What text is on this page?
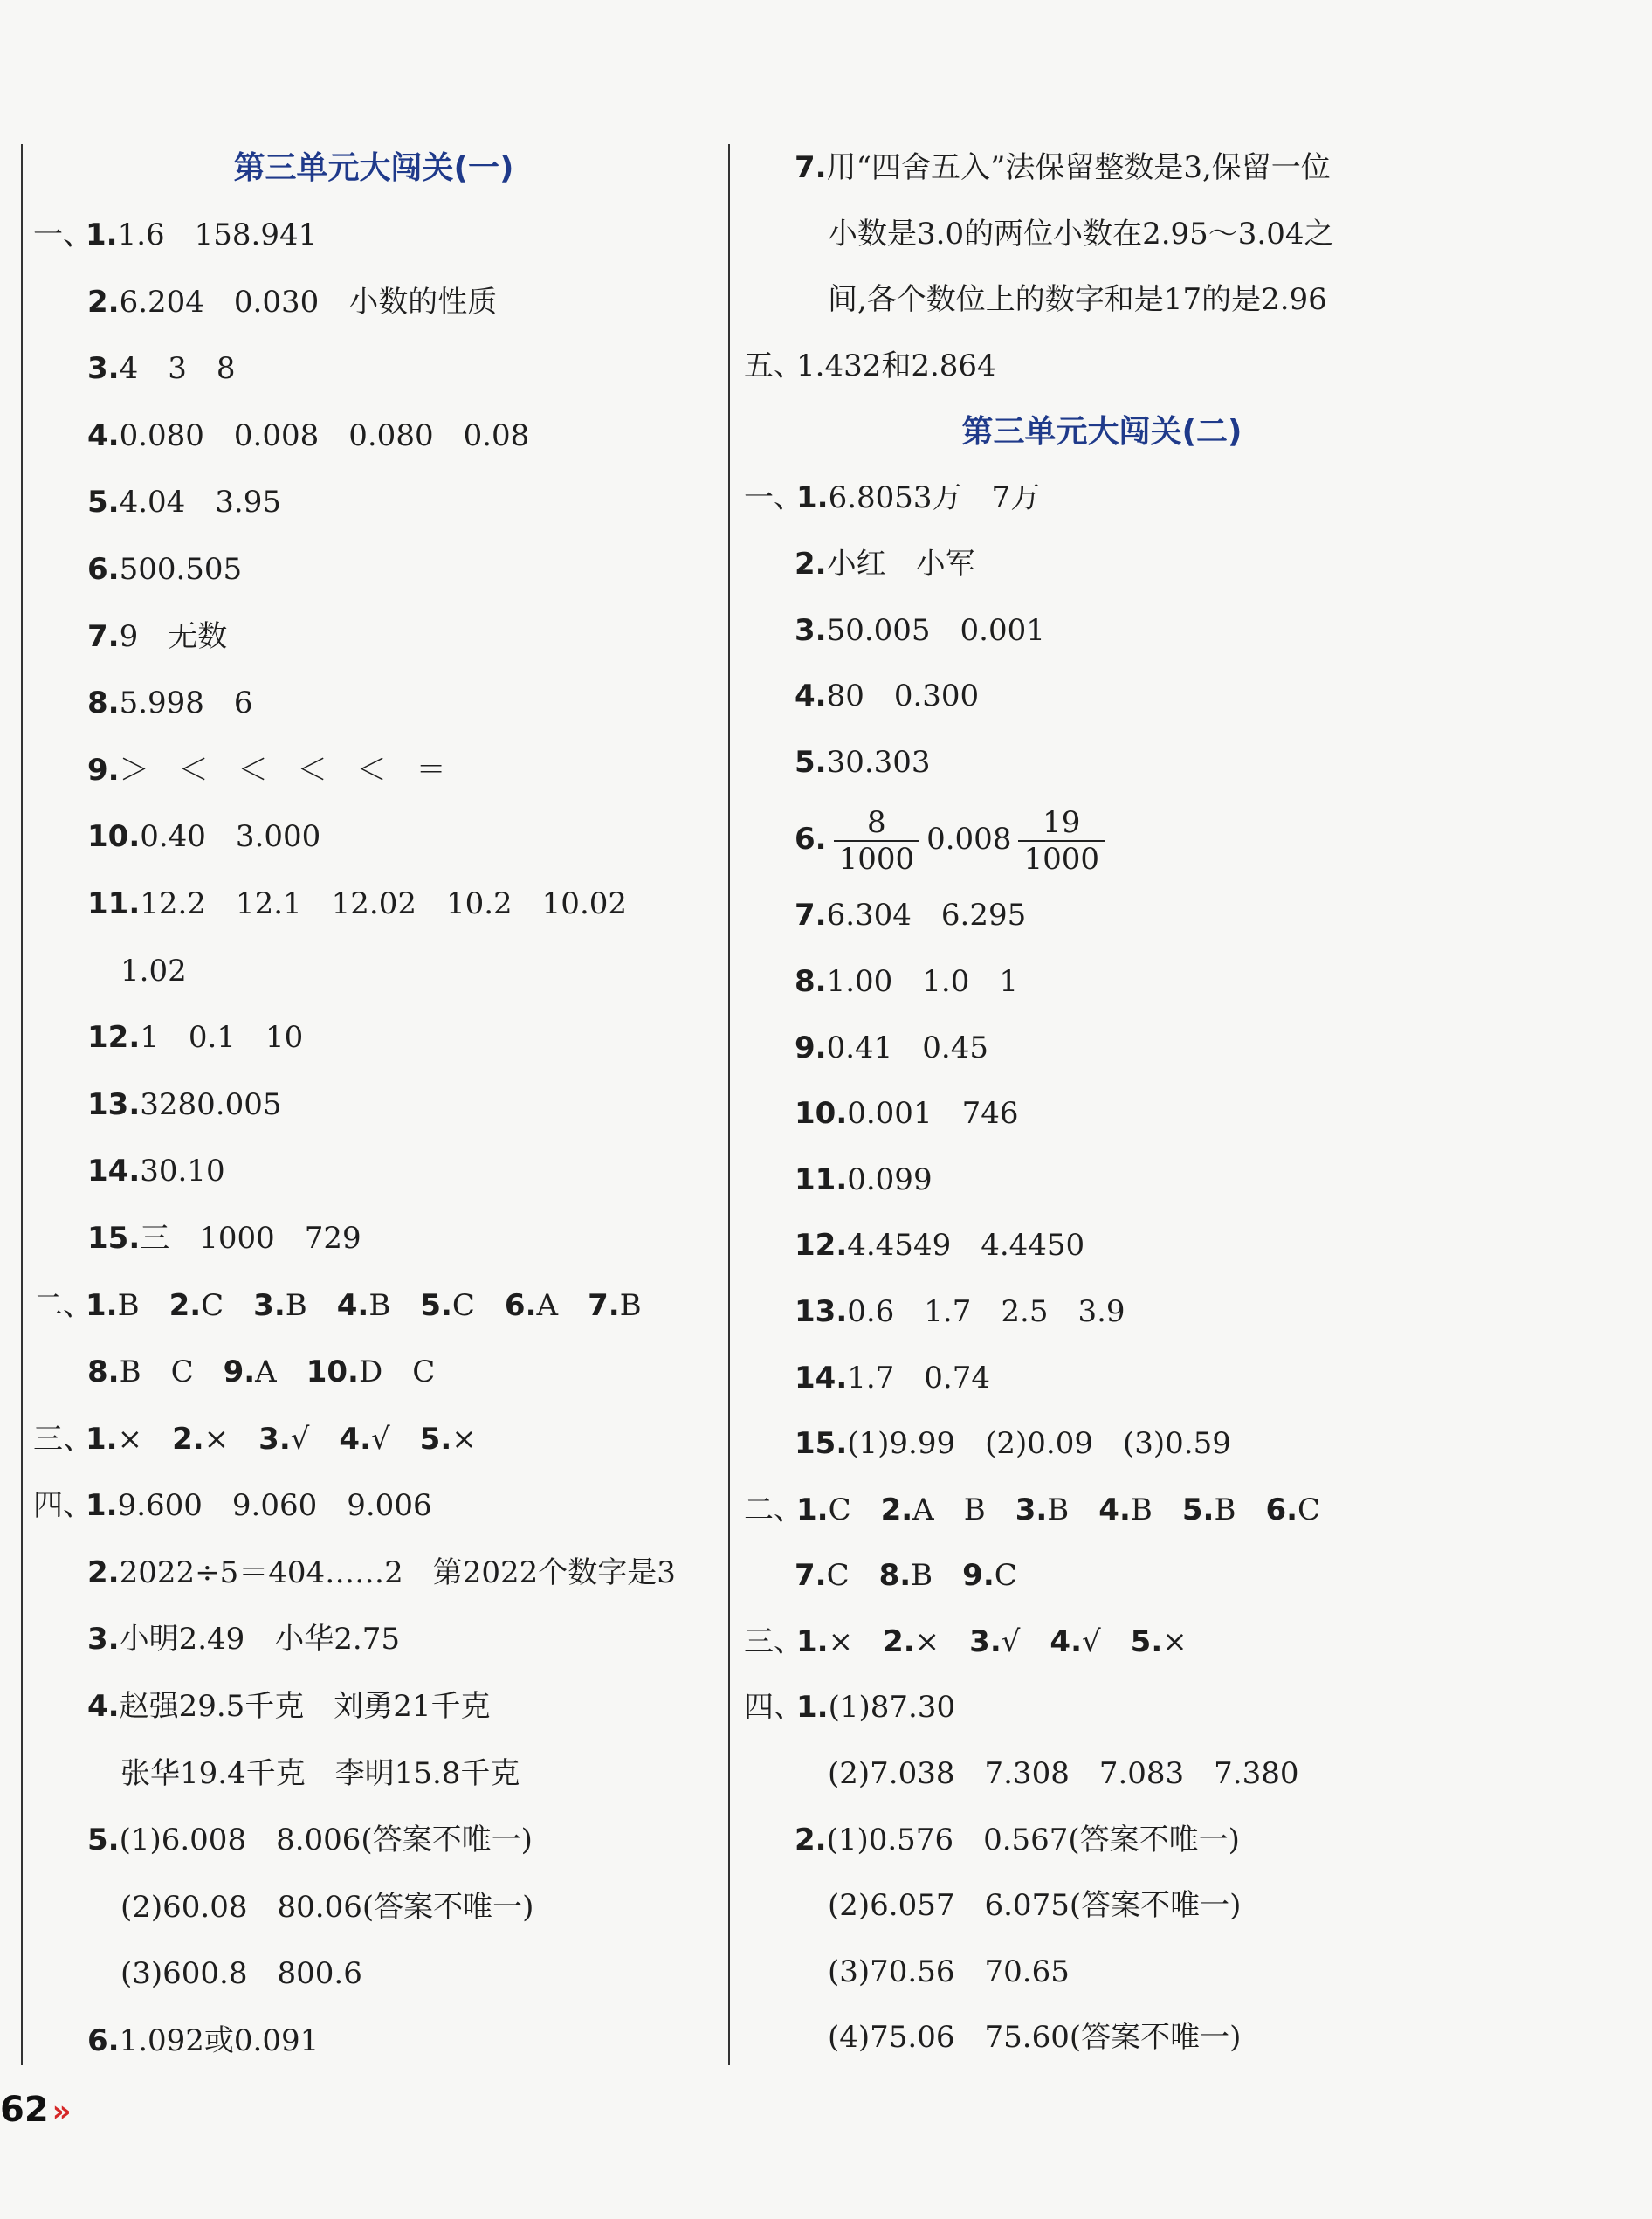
第三单元大闯关(一)
一、1.1.6　158.941
2.6.204　0.030　小数的性质
3.4　3　8
4.0.080　0.008　0.080　0.08
5.4.04　3.95
6.500.505
7.9　无数
8.5.998　6
9.＞　＜　＜　＜　＜　＝
10.0.40　3.000
11.12.2　12.1　12.02　10.2　10.02
1.02
12.1　0.1　10
13.3280.005
14.30.10
15.三　1000　729
二、1.B　 2.C　 3.B　 4.B　 5.C　 6.A　 7.B
8.B　C　 9.A　 10.D　C
三、1.×　 2.×　 3.√　 4.√　 5.×
四、1.9.600　9.060　9.006
2.2022÷5＝404……2　第2022个数字是3
3.小明2.49　小华2.75
4.赵强29.5千克　刘勇21千克
张华19.4千克　李明15.8千克
5.(1)6.008　8.006(答案不唯一)
(2)60.08　80.06(答案不唯一)
(3)600.8　800.6
6.1.092或0.091
7.用“四舍五入”法保留整数是3,保留一位
小数是3.0的两位小数在2.95～3.04之
间,各个数位上的数字和是17的是2.96
五、1.432和2.864
第三单元大闯关(二)
一、1.6.8053万　7万
2.小红　小军
3.50.005　0.001
4.80　0.300
5.30.303
6. $\frac{8}{1000} 0.008 \frac{19}{1000}$
7.6.304　6.295
8.1.00　1.0　1
9.0.41　0.45
10.0.001　746
11.0.099
12.4.4549　4.4450
13.0.6　1.7　2.5　3.9
14.1.7　0.74
15.(1)9.99　(2)0.09　(3)0.59
二、1.C　 2.A　B　 3.B　 4.B　 5.B　 6.C
7.C　 8.B　 9.C
三、1.×　 2.×　 3.√　 4.√　 5.×
四、1.(1)87.30
(2)7.038　7.308　7.083　7.380
2.(1)0.576　0.567(答案不唯一)
(2)6.057　6.075(答案不唯一)
(3)70.56　70.65
(4)75.06　75.60(答案不唯一)
62 »
